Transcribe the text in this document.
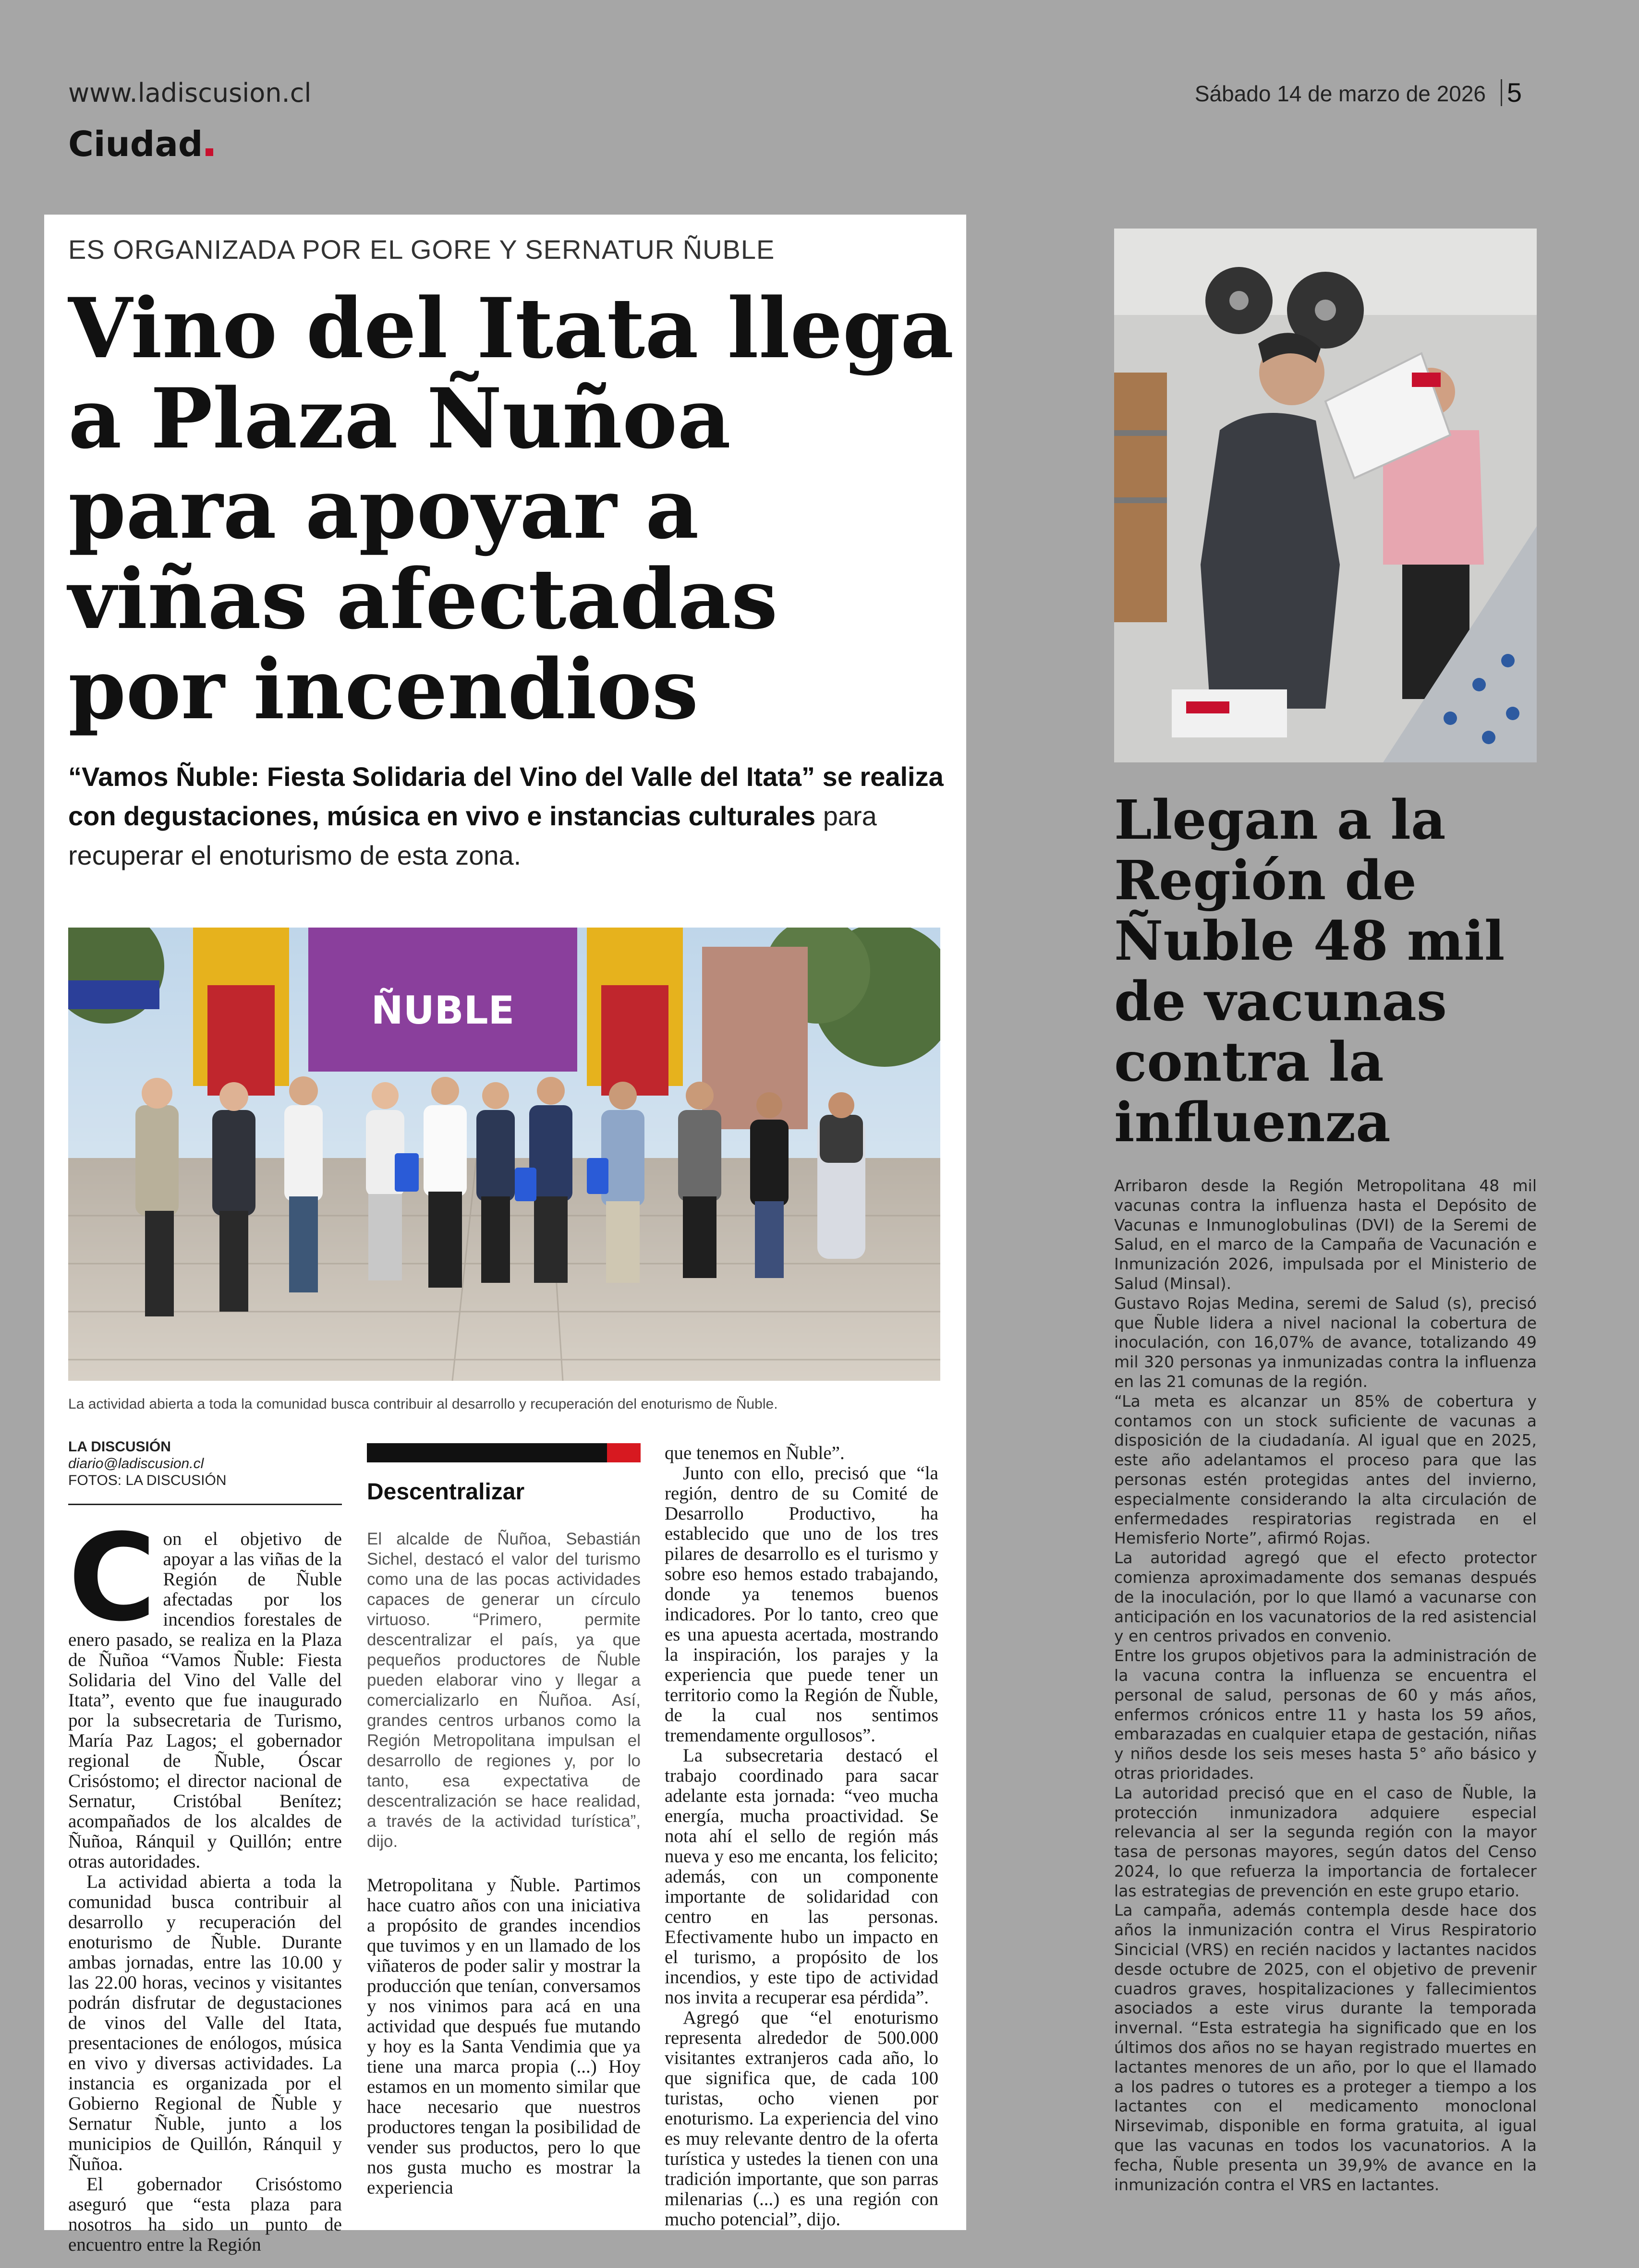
www.ladiscusion.cl
Ciudad
Sábado 14 de marzo de 2026 5
ES ORGANIZADA POR EL GORE Y SERNATUR ÑUBLE
Vino del Itata llega
a Plaza Ñuñoa
para apoyar a
viñas afectadas
por incendios
“Vamos Ñuble: Fiesta Solidaria del Vino del Valle del Itata” se realiza con degustaciones, música en vivo e instancias culturales para recuperar el enoturismo de esta zona.
ÑUBLE
La actividad abierta a toda la comunidad busca contribuir al desarrollo y recuperación del enoturismo de Ñuble.
LA DISCUSIÓN
diario@ladiscusion.cl
FOTOS: LA DISCUSIÓN

Con el objetivo de apoyar a las viñas de la Región de Ñuble afectadas por los incendios forestales de enero pasado, se realiza en la Plaza de Ñuñoa “Vamos Ñuble: Fiesta Solidaria del Vino del Valle del Itata”, evento que fue inaugurado por la subsecretaria de Turismo, María Paz Lagos; el gobernador regional de Ñuble, Óscar Crisóstomo; el director nacional de Sernatur, Cristóbal Benítez; acompañados de los alcaldes de Ñuñoa, Ránquil y Quillón; entre otras autoridades.

La actividad abierta a toda la comunidad busca contribuir al desarrollo y recuperación del enoturismo de Ñuble. Durante ambas jornadas, entre las 10.00 y las 22.00 horas, vecinos y visitantes podrán disfrutar de degustaciones de vinos del Valle del Itata, presentaciones de enólogos, música en vivo y diversas actividades. La instancia es organizada por el Gobierno Regional de Ñuble y Sernatur Ñuble, junto a los municipios de Quillón, Ránquil y Ñuñoa.

El gobernador Crisóstomo aseguró que “esta plaza para nosotros ha sido un punto de encuentro entre la Región

Descentralizar
El alcalde de Ñuñoa, Sebastián Sichel, destacó el valor del turismo como una de las pocas actividades capaces de generar un círculo virtuoso. “Primero, permite descentralizar el país, ya que pequeños productores de Ñuble pueden elaborar vino y llegar a comercializarlo en Ñuñoa. Así, grandes centros urbanos como la Región Metropolitana impulsan el desarrollo de regiones y, por lo tanto, esa expectativa de descentralización se hace realidad, a través de la actividad turística”, dijo.

Metropolitana y Ñuble. Partimos hace cuatro años con una iniciativa a propósito de grandes incendios que tuvimos y en un llamado de los viñateros de poder salir y mostrar la producción que tenían, conversamos y nos vinimos para acá en una actividad que después fue mutando y hoy es la Santa Vendimia que ya tiene una marca propia (...) Hoy estamos en un momento similar que hace necesario que nuestros productores tengan la posibilidad de vender sus productos, pero lo que nos gusta mucho es mostrar la experiencia

que tenemos en Ñuble”.

Junto con ello, precisó que “la región, dentro de su Comité de Desarrollo Productivo, ha establecido que uno de los tres pilares de desarrollo es el turismo y sobre eso hemos estado trabajando, donde ya tenemos buenos indicadores. Por lo tanto, creo que es una apuesta acertada, mostrando la inspiración, los parajes y la experiencia que puede tener un territorio como la Región de Ñuble, de la cual nos sentimos tremendamente orgullosos”.

La subsecretaria destacó el trabajo coordinado para sacar adelante esta jornada: “veo mucha energía, mucha proactividad. Se nota ahí el sello de región más nueva y eso me encanta, los felicito; además, con un componente importante de solidaridad con centro en las personas. Efectivamente hubo un impacto en el turismo, a propósito de los incendios, y este tipo de actividad nos invita a recuperar esa pérdida”.

Agregó que “el enoturismo representa alrededor de 500.000 visitantes extranjeros cada año, lo que significa que, de cada 100 turistas, ocho vienen por enoturismo. La experiencia del vino es muy relevante dentro de la oferta turística y ustedes la tienen con una tradición importante, que son parras milenarias (...) es una región con mucho potencial”, dijo.

Llegan a la
Región de
Ñuble 48 mil
de vacunas
contra la
influenza

Arribaron desde la Región Metropolitana 48 mil vacunas contra la influenza hasta el Depósito de Vacunas e Inmunoglobulinas (DVI) de la Seremi de Salud, en el marco de la Campaña de Vacunación e Inmunización 2026, impulsada por el Ministerio de Salud (Minsal).

Gustavo Rojas Medina, seremi de Salud (s), precisó que Ñuble lidera a nivel nacional la cobertura de inoculación, con 16,07% de avance, totalizando 49 mil 320 personas ya inmunizadas contra la influenza en las 21 comunas de la región.

“La meta es alcanzar un 85% de cobertura y contamos con un stock suficiente de vacunas a disposición de la ciudadanía. Al igual que en 2025, este año adelantamos el proceso para que las personas estén protegidas antes del invierno, especialmente considerando la alta circulación de enfermedades respiratorias registrada en el Hemisferio Norte”, afirmó Rojas.

La autoridad agregó que el efecto protector comienza aproximadamente dos semanas después de la inoculación, por lo que llamó a vacunarse con anticipación en los vacunatorios de la red asistencial y en centros privados en convenio.

Entre los grupos objetivos para la administración de la vacuna contra la influenza se encuentra el personal de salud, personas de 60 y más años, enfermos crónicos entre 11 y hasta los 59 años, embarazadas en cualquier etapa de gestación, niñas y niños desde los seis meses hasta 5° año básico y otras prioridades.

La autoridad precisó que en el caso de Ñuble, la protección inmunizadora adquiere especial relevancia al ser la segunda región con la mayor tasa de personas mayores, según datos del Censo 2024, lo que refuerza la importancia de fortalecer las estrategias de prevención en este grupo etario.

La campaña, además contempla desde hace dos años la inmunización contra el Virus Respiratorio Sincicial (VRS) en recién nacidos y lactantes nacidos desde octubre de 2025, con el objetivo de prevenir cuadros graves, hospitalizaciones y fallecimientos asociados a este virus durante la temporada invernal. “Esta estrategia ha significado que en los últimos dos años no se hayan registrado muertes en lactantes menores de un año, por lo que el llamado a los padres o tutores es a proteger a tiempo a los lactantes con el medicamento monoclonal Nirsevimab, disponible en forma gratuita, al igual que las vacunas en todos los vacunatorios. A la fecha, Ñuble presenta un 39,9% de avance en la inmunización contra el VRS en lactantes.
